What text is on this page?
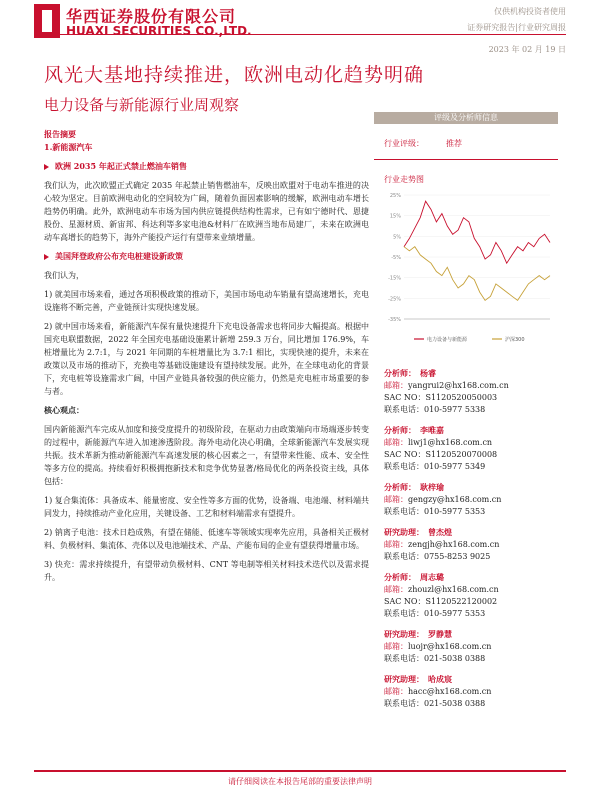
华西证券股份有限公司
HUAXI SECURITIES CO.,LTD.
仅供机构投资者使用
证券研究报告|行业研究周报
2023 年 02 月 19 日
风光大基地持续推进，欧洲电动化趋势明确
电力设备与新能源行业周观察
报告摘要
1.新能源汽车
欧洲 2035 年起正式禁止燃油车销售

我们认为，此次欧盟正式确定 2035 年起禁止销售燃油车，反映出欧盟对于电动车推进的决心较为坚定。目前欧洲电动化的空间较为广阔，随着负面因素影响的缓解，欧洲电动车增长趋势仍明确。此外，欧洲电动车市场为国内供应链提供结构性需求，已有如宁德时代、恩捷股份、星源材质、新宙邦、科达利等多家电池&材料厂在欧洲当地布局建厂，未来在欧洲电动车高增长的趋势下，海外产能投产运行有望带来业绩增量。

美国拜登政府公布充电桩建设新政策

我们认为，

1) 就美国市场来看，通过各项积极政策的推动下，美国市场电动车销量有望高速增长，充电设施将不断完善，产业链预计实现快速发展。

2) 就中国市场来看，新能源汽车保有量快速提升下充电设备需求也将同步大幅提高。根据中国充电联盟数据，2022 年全国充电基础设施累计新增 259.3 万台，同比增加 176.9%，车桩增量比为 2.7:1，与 2021 年同期的车桩增量比为 3.7:1 相比，实现快速的提升，未来在政策以及市场的推动下，充换电等基础设施建设有望持续发展。此外，在全球电动化的背景下，充电桩等设施需求广阔，中国产业链具备较强的供应能力，仍然是充电桩市场重要的参与者。

核心观点：

国内新能源汽车完成从加度和接受度提升的初级阶段，在驱动力由政策端向市场端逐步转变的过程中，新能源汽车进入加速渗透阶段。海外电动化决心明确，全球新能源汽车发展实现共振。技术革新为推动新能源汽车高速发展的核心因素之一，有望带来性能、成本、安全性等多方位的提高。持续看好积极拥抱新技术和竞争优势显著/格局优化的两条投资主线，具体包括：

1) 复合集流体：具备成本、能量密度、安全性等多方面的优势，设备端、电池端、材料端共同发力，持续推动产业化应用，关键设备、工艺和材料端需求有望提升。

2) 钠离子电池：技术日趋成熟，有望在储能、低速车等领域实现率先应用，具备相关正极材料、负极材料、集流体、壳体以及电池端技术、产品、产能布局的企业有望获得增量市场。

3) 快充：需求持续提升，有望带动负极材料、CNT 等电制等相关材料技术迭代以及需求提升。

评级及分析师信息
行业评级：	推荐
行业走势图
25%
15%
5%
-5%
-15%
-25%
-35%
电力设备与新能源	沪深300
分析师： 杨睿
邮箱：yangrui2@hx168.com.cn
SAC NO：S1120520050003
联系电话：010-5977 5338
分析师： 李唯嘉
邮箱：liwj1@hx168.com.cn
SAC NO：S1120520070008
联系电话：010-5977 5349
分析师： 耿梓瑜
邮箱：gengzy@hx168.com.cn
联系电话：010-5977 5353
研究助理： 曾杰煌
邮箱：zengjh@hx168.com.cn
联系电话：0755-8253 9025
分析师： 周志璐
邮箱：zhouzl@hx168.com.cn
SAC NO：S1120522120002
联系电话：010-5977 5353
研究助理： 罗静慧
邮箱：luojr@hx168.com.cn
联系电话：021-5038 0388
研究助理： 哈成宸
邮箱：hacc@hx168.com.cn
联系电话：021-5038 0388
请仔细阅读在本报告尾部的重要法律声明
